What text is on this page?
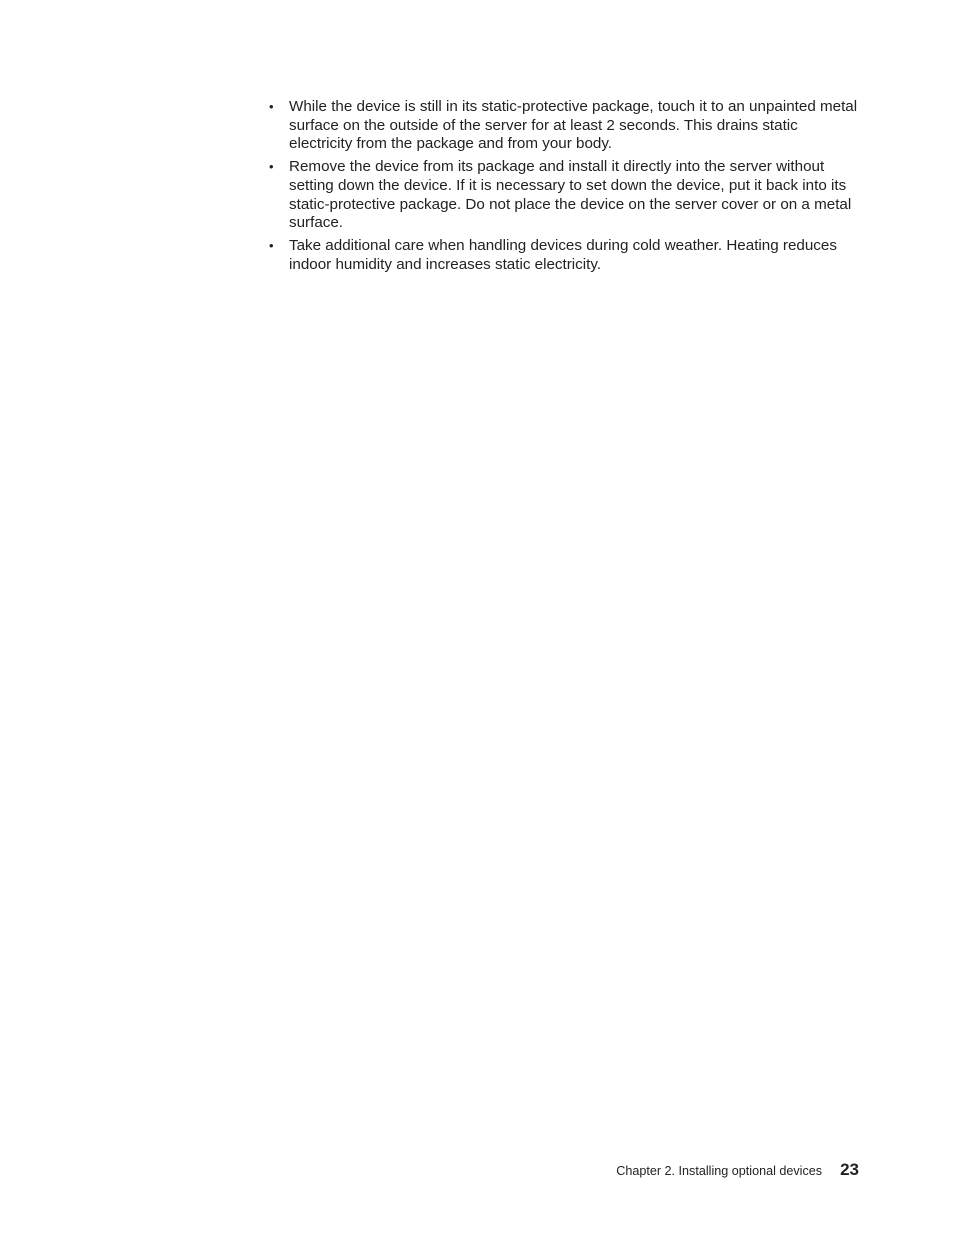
• While the device is still in its static-protective package, touch it to an unpainted metal surface on the outside of the server for at least 2 seconds. This drains static electricity from the package and from your body.
• Remove the device from its package and install it directly into the server without setting down the device. If it is necessary to set down the device, put it back into its static-protective package. Do not place the device on the server cover or on a metal surface.
• Take additional care when handling devices during cold weather. Heating reduces indoor humidity and increases static electricity.
Chapter 2. Installing optional devices 23
